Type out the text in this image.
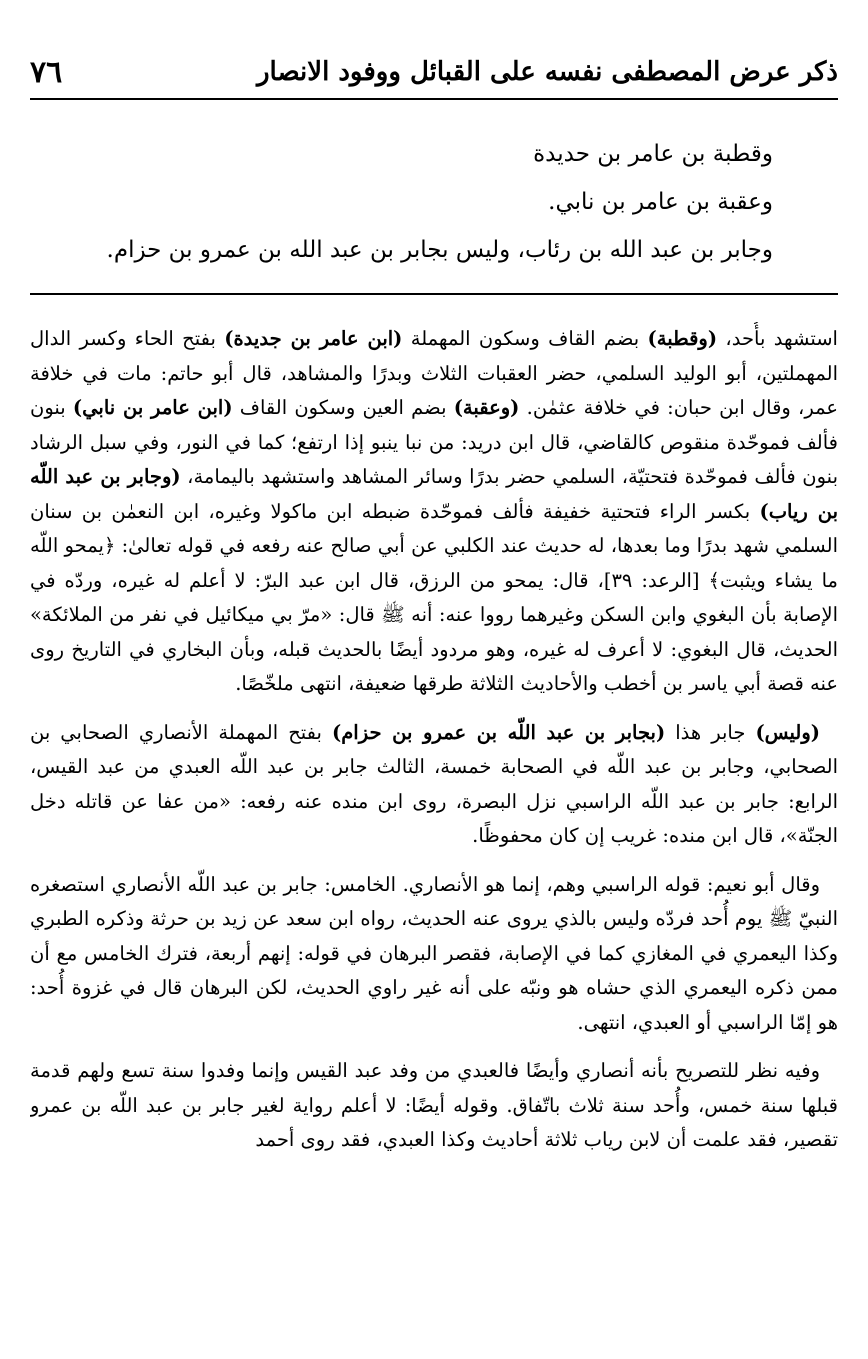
ذكر عرض المصطفى نفسه على القبائل ووفود الانصار
٧٦
وقطبة بن عامر بن حديدة
وعقبة بن عامر بن نابي.
وجابر بن عبد الله بن رئاب، وليس بجابر بن عبد الله بن عمرو بن حزام.

استشهد بأُحد، (وقطبة) بضم القاف وسكون المهملة (ابن عامر بن جديدة) بفتح الحاء وكسر الدال المهملتين، أبو الوليد السلمي، حضر العقبات الثلاث وبدرًا والمشاهد، قال أبو حاتم: مات في خلافة عمر، وقال ابن حبان: في خلافة عثمٰن. (وعقبة) بضم العين وسكون القاف (ابن عامر بن نابي) بنون فألف فموحّدة منقوص كالقاضي، قال ابن دريد: من نبا ينبو إذا ارتفع؛ كما في النور، وفي سبل الرشاد بنون فألف فموحّدة فتحتيّة، السلمي حضر بدرًا وسائر المشاهد واستشهد باليمامة، (وجابر بن عبد اللّه بن رياب) بكسر الراء فتحتية خفيفة فألف فموحّدة ضبطه ابن ماكولا وغيره، ابن النعمٰن بن سنان السلمي شهد بدرًا وما بعدها، له حديث عند الكلبي عن أبي صالح عنه رفعه في قوله تعالىٰ: ﴿يمحو اللّه ما يشاء ويثبت﴾ [الرعد: ٣٩]، قال: يمحو من الرزق، قال ابن عبد البرّ: لا أعلم له غيره، وردّه في الإصابة بأن البغوي وابن السكن وغيرهما رووا عنه: أنه ﷺ قال: «مرّ بي ميكائيل في نفر من الملائكة» الحديث، قال البغوي: لا أعرف له غيره، وهو مردود أيضًا بالحديث قبله، وبأن البخاري في التاريخ روى عنه قصة أبي ياسر بن أخطب والأحاديث الثلاثة طرقها ضعيفة، انتهى ملخّصًا.

(وليس) جابر هذا (بجابر بن عبد اللّه بن عمرو بن حزام) بفتح المهملة الأنصاري الصحابي بن الصحابي، وجابر بن عبد اللّه في الصحابة خمسة، الثالث جابر بن عبد اللّه العبدي من عبد القيس، الرابع: جابر بن عبد اللّه الراسبي نزل البصرة، روى ابن منده عنه رفعه: «من عفا عن قاتله دخل الجنّة»، قال ابن منده: غريب إن كان محفوظًا.

وقال أبو نعيم: قوله الراسبي وهم، إنما هو الأنصاري. الخامس: جابر بن عبد اللّه الأنصاري استصغره النبيّ ﷺ يوم أُحد فردّه وليس بالذي يروى عنه الحديث، رواه ابن سعد عن زيد بن حرثة وذكره الطبري وكذا اليعمري في المغازي كما في الإصابة، فقصر البرهان في قوله: إنهم أربعة، فترك الخامس مع أن ممن ذكره اليعمري الذي حشاه هو ونبّه على أنه غير راوي الحديث، لكن البرهان قال في غزوة أُحد: هو إمّا الراسبي أو العبدي، انتهى.

وفيه نظر للتصريح بأنه أنصاري وأيضًا فالعبدي من وفد عبد القيس وإنما وفدوا سنة تسع ولهم قدمة قبلها سنة خمس، وأُحد سنة ثلاث باتّفاق. وقوله أيضًا: لا أعلم رواية لغير جابر بن عبد اللّه بن عمرو تقصير، فقد علمت أن لابن رياب ثلاثة أحاديث وكذا العبدي، فقد روى أحمد
